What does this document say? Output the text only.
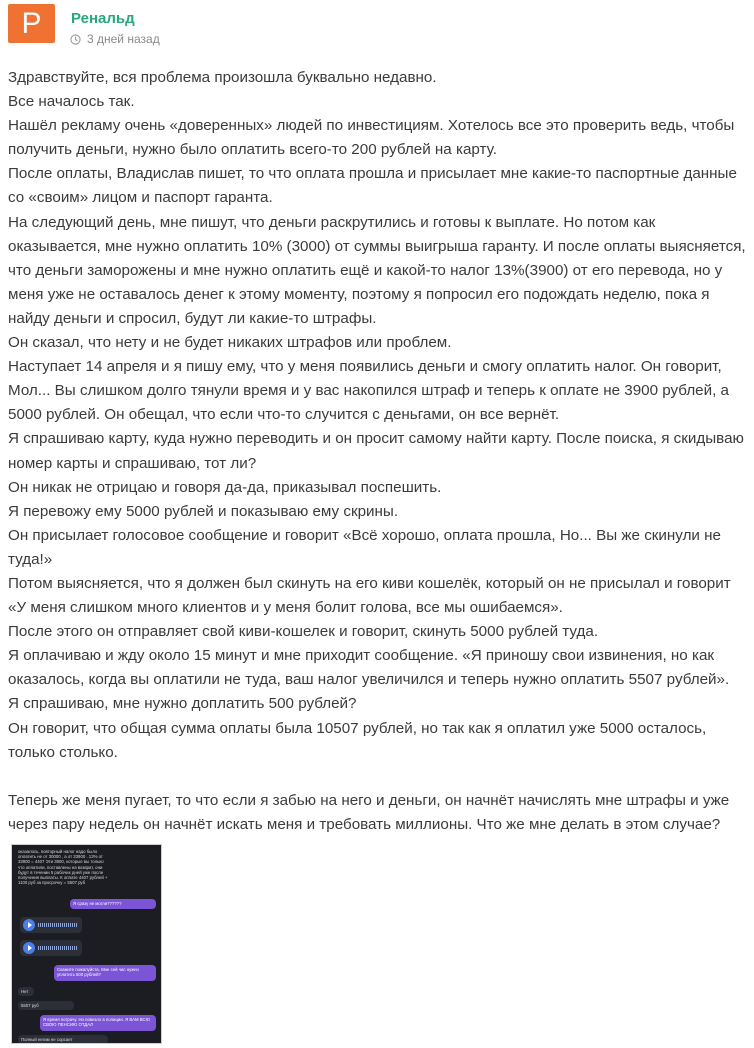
Р	Ренальд
3 дней назад

Здравствуйте, вся проблема произошла буквально недавно.

Все началось так.

Нашёл рекламу очень «доверенных» людей по инвестициям. Хотелось все это проверить ведь, чтобы получить деньги, нужно было оплатить всего-то 200 рублей на карту.

После оплаты, Владислав пишет, то что оплата прошла и присылает мне какие-то паспортные данные со «своим» лицом и паспорт гаранта.

На следующий день, мне пишут, что деньги раскрутились и готовы к выплате. Но потом как оказывается, мне нужно оплатить 10% (3000) от суммы выигрыша гаранту. И после оплаты выясняется, что деньги заморожены и мне нужно оплатить ещё и какой-то налог 13%(3900) от его перевода, но у меня уже не оставалось денег к этому моменту, поэтому я попросил его подождать неделю, пока я найду деньги и спросил, будут ли какие-то штрафы.

Он сказал, что нету и не будет никаких штрафов или проблем.

Наступает 14 апреля и я пишу ему, что у меня появились деньги и смогу оплатить налог. Он говорит, Мол... Вы слишком долго тянули время и у вас накопился штраф и теперь к оплате не 3900 рублей, а 5000 рублей. Он обещал, что если что-то случится с деньгами, он все вернёт.

Я спрашиваю карту, куда нужно переводить и он просит самому найти карту. После поиска, я скидываю номер карты и спрашиваю, тот ли?

Он никак не отрицаю и говоря да-да, приказывал поспешить.

Я перевожу ему 5000 рублей и показываю ему скрины.

Он присылает голосовое сообщение и говорит «Всё хорошо, оплата прошла, Но... Вы же скинули не туда!»

Потом выясняется, что я должен был скинуть на его киви кошелёк, который он не присылал и говорит «У меня слишком много клиентов и у меня болит голова, все мы ошибаемся».

После этого он отправляет свой киви-кошелек и говорит, скинуть 5000 рублей туда.

Я оплачиваю и жду около 15 минут и мне приходит сообщение. «Я приношу свои извинения, но как оказалось, когда вы оплатили не туда, ваш налог увеличился и теперь нужно оплатить 5507 рублей».

Я спрашиваю, мне нужно доплатить 500 рублей?

Он говорит, что общая сумма оплаты была 10507 рублей, но так как я оплатил уже 5000 осталось, только столько.

Теперь же меня пугает, то что если я забью на него и деньги, он начнёт начислять мне штрафы и уже через пару недель он начнёт искать меня и требовать миллионы. Что же мне делать в этом случае?

оказалось, повторный налог надо было
оплатить не от 30000 , а от 33900 . 13% от
33900 = 4407 Эти 3900, которые вы только
что оплатили, поставлены на возврат, они
будут в течении 5 рабочих дней уже после
получения выплаты. К оплате 4407 рублей +
1100 руб за просрочку = 5507 руб
Я сразу не могли??????
Скажите пожалуйста. Мне сей час нужно уплатить 500 рублей?
Нет
5507 руб
Я время потрачу. Но повезло в полиции. Я ВАМ ВСЮ СВОЮ ПЕНСИЮ ОТДАЛ
Полный негим не сорсает
